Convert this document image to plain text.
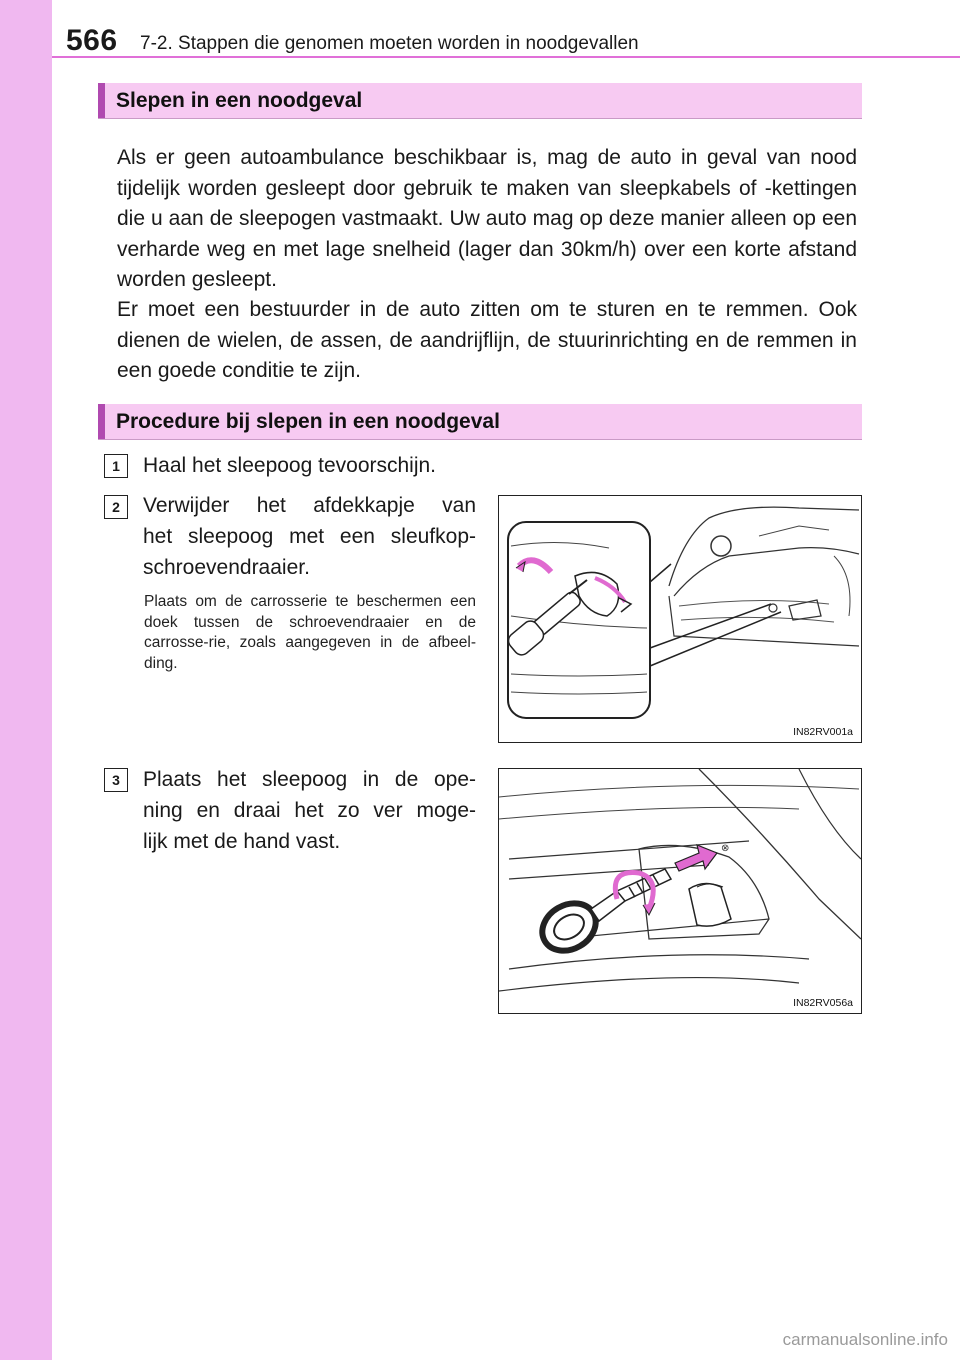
566 7-2. Stappen die genomen moeten worden in noodgevallen
Slepen in een noodgeval

Als er geen autoambulance beschikbaar is, mag de auto in geval van nood tijdelijk worden gesleept door gebruik te maken van sleepkabels of -kettingen die u aan de sleepogen vastmaakt. Uw auto mag op deze manier alleen op een verharde weg en met lage snelheid (lager dan 30km/h) over een korte afstand worden gesleept.

Er moet een bestuurder in de auto zitten om te sturen en te remmen. Ook dienen de wielen, de assen, de aandrijflijn, de stuurinrichting en de remmen in een goede conditie te zijn.

Procedure bij slepen in een noodgeval
1	Haal het sleepoog tevoorschijn.

2	Verwijder het afdekkapje van
het sleepoog met een sleufkop-
schroevendraaier.

Plaats om de carrosserie te beschermen een doek tussen de schroevendraaier en de carrosse-rie, zoals aangegeven in de afbeel-ding.

IN82RV001a
3	Plaats het sleepoog in de ope-
ning en draai het zo ver moge-
lijk met de hand vast.	⊗
IN82RV056a
carmanualsonline.info
